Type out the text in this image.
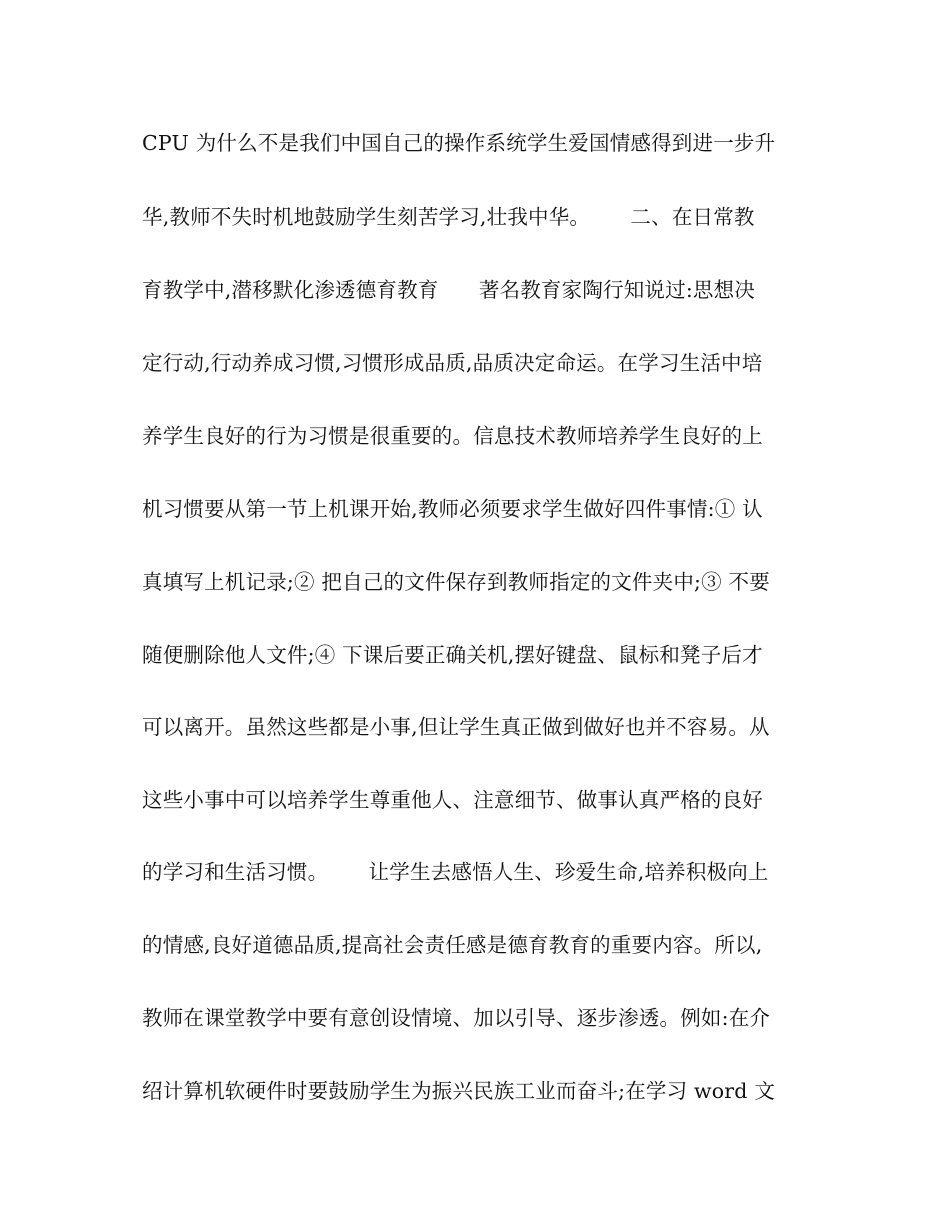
CPU 为什么不是我们中国自己的操作系统学生爱国情感得到进一步升
华,教师不失时机地鼓励学生刻苦学习,壮我中华。      二、在日常教
育教学中,潜移默化渗透德育教育      著名教育家陶行知说过:思想决
定行动,行动养成习惯,习惯形成品质,品质决定命运。在学习生活中培
养学生良好的行为习惯是很重要的。信息技术教师培养学生良好的上
机习惯要从第一节上机课开始,教师必须要求学生做好四件事情:① 认
真填写上机记录;② 把自己的文件保存到教师指定的文件夹中;③ 不要
随便删除他人文件;④ 下课后要正确关机,摆好键盘、鼠标和凳子后才
可以离开。虽然这些都是小事,但让学生真正做到做好也并不容易。从
这些小事中可以培养学生尊重他人、注意细节、做事认真严格的良好
的学习和生活习惯。      让学生去感悟人生、珍爱生命,培养积极向上
的情感,良好道德品质,提高社会责任感是德育教育的重要内容。所以,
教师在课堂教学中要有意创设情境、加以引导、逐步渗透。例如:在介
绍计算机软硬件时要鼓励学生为振兴民族工业而奋斗;在学习 word 文
